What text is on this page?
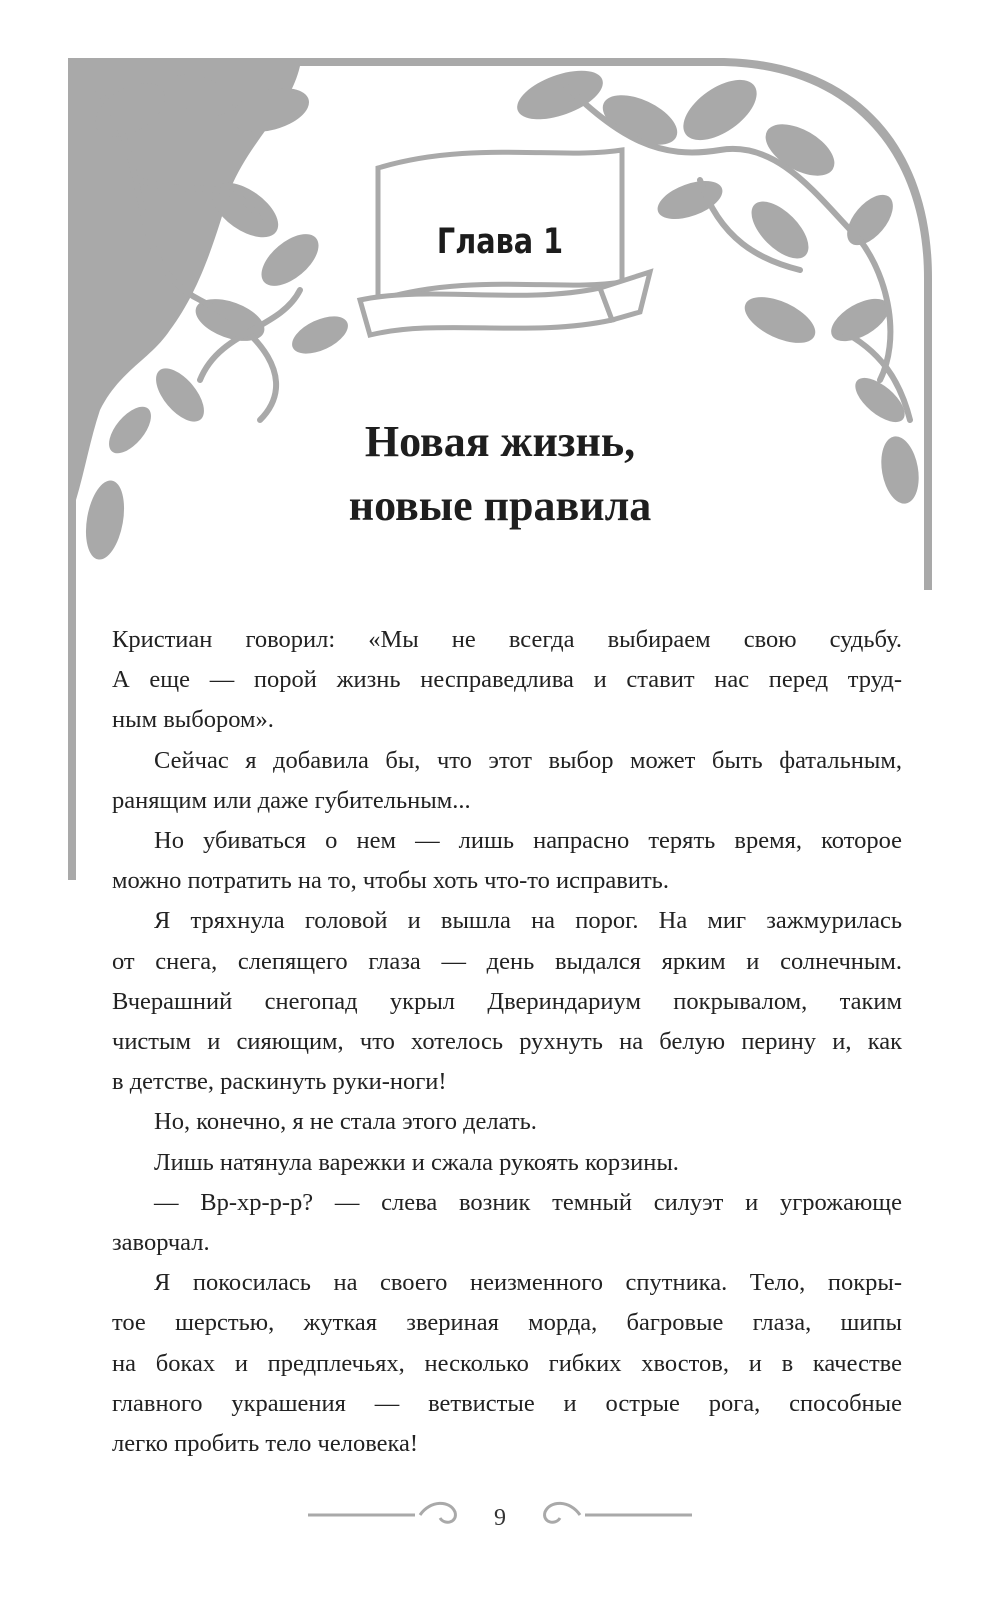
Глава 1
Новая жизнь,
новые правила
Кристиан говорил: «Мы не всегда выбираем свою судьбу.
А еще — порой жизнь несправедлива и ставит нас перед труд-
ным выбором».
Сейчас я добавила бы, что этот выбор может быть фатальным,
ранящим или даже губительным...
Но убиваться о нем — лишь напрасно терять время, которое
можно потратить на то, чтобы хоть что-то исправить.
Я тряхнула головой и вышла на порог. На миг зажмурилась
от снега, слепящего глаза — день выдался ярким и солнечным.
Вчерашний снегопад укрыл Двериндариум покрывалом, таким
чистым и сияющим, что хотелось рухнуть на белую перину и, как
в детстве, раскинуть руки-ноги!
Но, конечно, я не стала этого делать.
Лишь натянула варежки и сжала рукоять корзины.
— Вр-хр-р-р? — слева возник темный силуэт и угрожающе
заворчал.
Я покосилась на своего неизменного спутника. Тело, покры-
тое шерстью, жуткая звериная морда, багровые глаза, шипы
на боках и предплечьях, несколько гибких хвостов, и в качестве
главного украшения — ветвистые и острые рога, способные
легко пробить тело человека!
9
